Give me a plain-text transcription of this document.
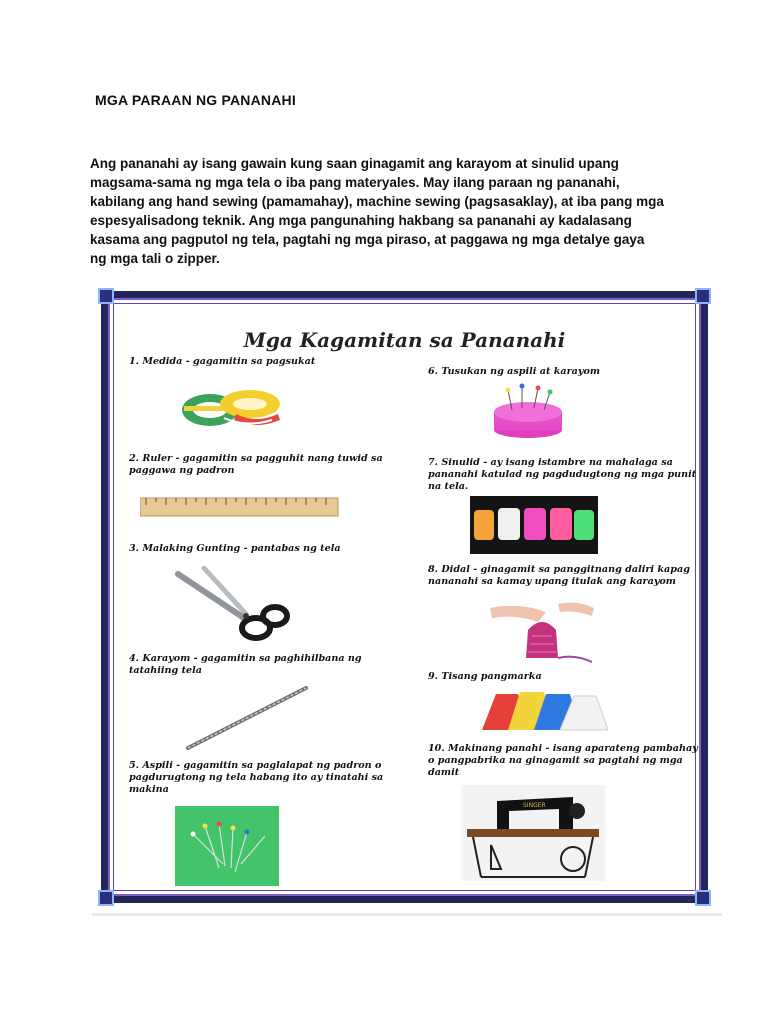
MGA PARAAN NG PANANAHI
Ang pananahi ay isang gawain kung saan ginagamit ang karayom at sinulid upang
magsama-sama ng mga tela o iba pang materyales. May ilang paraan ng pananahi,
kabilang ang hand sewing (pamamahay), machine sewing (pagsasaklay), at iba pang mga
espesyalisadong teknik. Ang mga pangunahing hakbang sa pananahi ay kadalasang
kasama ang pagputol ng tela, pagtahi ng mga piraso, at paggawa ng mga detalye gaya
ng mga tali o zipper.
Mga Kagamitan sa Pananahi
1. Medida - gagamitin sa pagsukat
2. Ruler - gagamitin sa pagguhit nang tuwid sa
paggawa ng padron
3. Malaking Gunting - pantabas ng tela
4. Karayom - gagamitin sa paghihilbana ng
tatahiing tela
5. Aspili - gagamitin sa paglalapat ng padron o
pagdurugtong ng tela habang ito ay tinatahi sa
makina
6. Tusukan ng aspili at karayom
7. Sinulid - ay isang istambre na mahalaga sa
pananahi katulad ng pagdudugtong ng mga punit
na tela.
8. Didal - ginagamit sa panggitnang daliri kapag
nananahi sa kamay upang itulak ang karayom
9. Tisang pangmarka
10. Makinang panahi - isang aparateng pambahay
o pangpabrika na ginagamit sa pagtahi ng mga
damit
SINGER
